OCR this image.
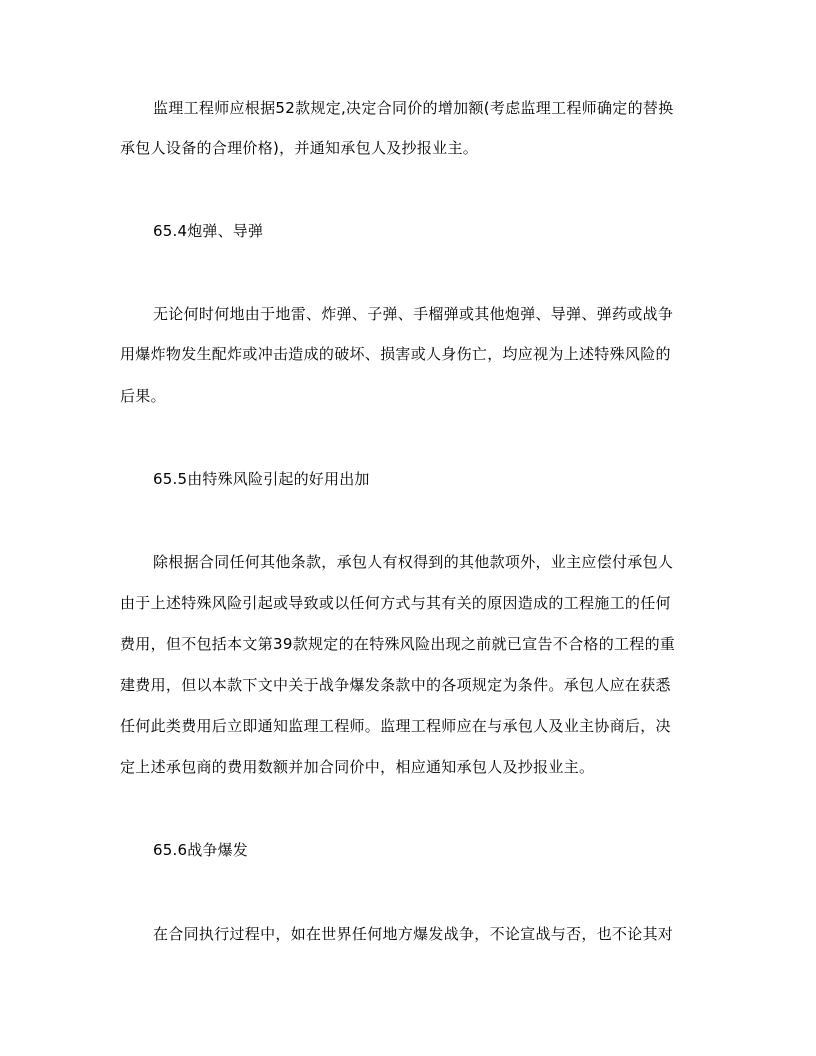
监理工程师应根据52款规定,决定合同价的增加额(考虑监理工程师确定的替换
承包人设备的合理价格)，并通知承包人及抄报业主。
65.4炮弹、导弹
无论何时何地由于地雷、炸弹、子弹、手榴弹或其他炮弹、导弹、弹药或战争
用爆炸物发生配炸或冲击造成的破坏、损害或人身伤亡，均应视为上述特殊风险的
后果。
65.5由特殊风险引起的好用出加
除根据合同任何其他条款，承包人有权得到的其他款项外，业主应偿付承包人
由于上述特殊风险引起或导致或以任何方式与其有关的原因造成的工程施工的任何
费用，但不包括本文第39款规定的在特殊风险出现之前就已宣告不合格的工程的重
建费用，但以本款下文中关于战争爆发条款中的各项规定为条件。承包人应在获悉
任何此类费用后立即通知监理工程师。监理工程师应在与承包人及业主协商后，决
定上述承包商的费用数额并加合同价中，相应通知承包人及抄报业主。
65.6战争爆发
在合同执行过程中，如在世界任何地方爆发战争，不论宣战与否，也不论其对
